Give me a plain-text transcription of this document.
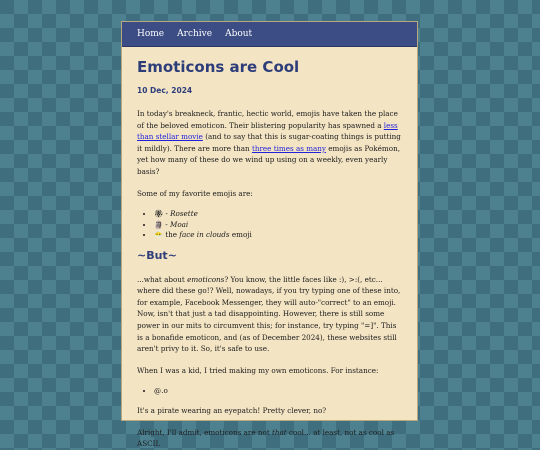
Home Archive About
Emoticons are Cool
10 Dec, 2024

In today's breakneck, frantic, hectic world, emojis have taken the place of the beloved emoticon. Their blistering popularity has spawned a less than stellar movie (and to say that this is sugar-coating things is putting it mildly). There are more than three times as many emojis as Pokémon, yet how many of these do we wind up using on a weekly, even yearly basis?

Some of my favorite emojis are:

• 🏵 - Rosette
• 🗿 - Moai
• 😶‍🌫️ the face in clouds emoji
~But~

...what about emoticons? You know, the little faces like :), >:(, etc... where did these go!? Well, nowadays, if you try typing one of these into, for example, Facebook Messenger, they will auto-"correct" to an emoji. Now, isn't that just a tad disappointing. However, there is still some power in our mits to circumvent this; for instance, try typing "=]". This is a bonafide emoticon, and (as of December 2024), these websites still aren't privy to it. So, it's safe to use.

When I was a kid, I tried making my own emoticons. For instance:

• @.o

It's a pirate wearing an eyepatch! Pretty clever, no?

Alright, I'll admit, emoticons are not that cool... at least, not as cool as ASCII.
